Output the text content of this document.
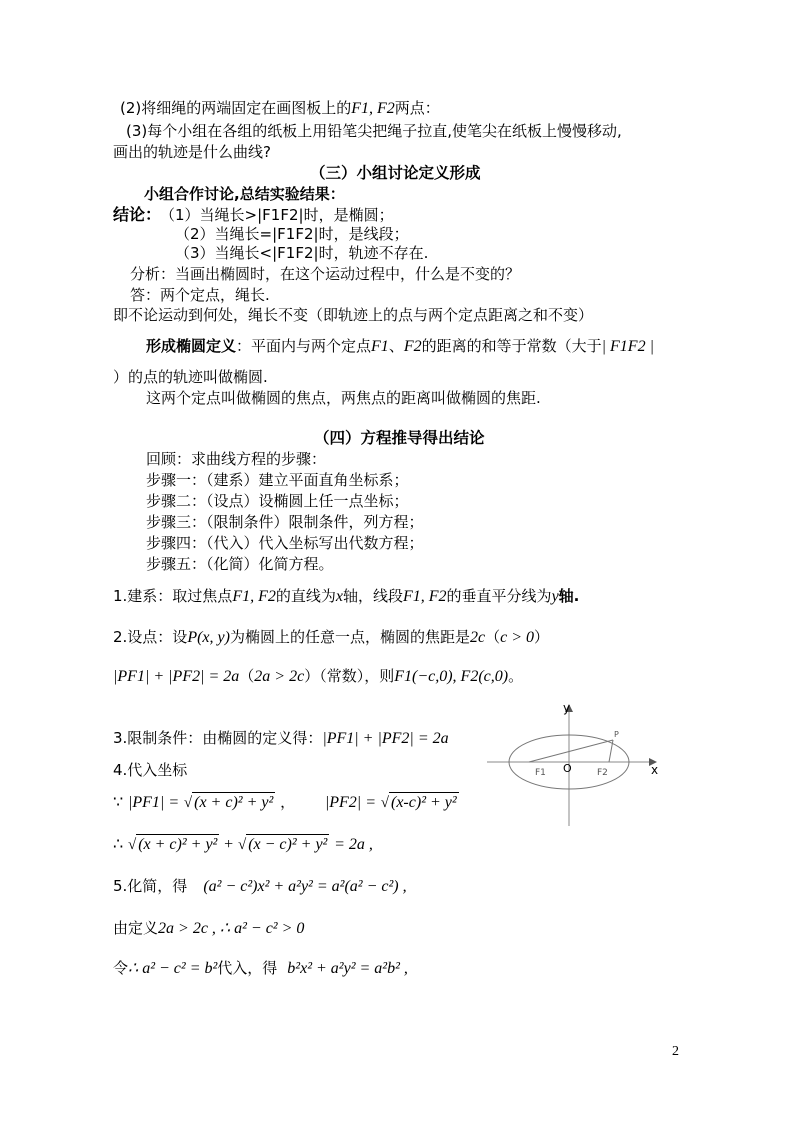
(2)将细绳的两端固定在画图板上的F1, F2两点：
(3)每个小组在各组的纸板上用铅笔尖把绳子拉直,使笔尖在纸板上慢慢移动,
画出的轨迹是什么曲线?
（三）小组讨论定义形成
小组合作讨论,总结实验结果：
结论：
（1）当绳长>|F1F2|时，是椭圆；
（2）当绳长=|F1F2|时，是线段；
（3）当绳长<|F1F2|时，轨迹不存在.
分析：当画出椭圆时，在这个运动过程中，什么是不变的？
答：两个定点，绳长.
即不论运动到何处，绳长不变（即轨迹上的点与两个定点距离之和不变）
形成椭圆定义：平面内与两个定点F1、F2的距离的和等于常数（大于| F1F2 |
）的点的轨迹叫做椭圆.
这两个定点叫做椭圆的焦点，两焦点的距离叫做椭圆的焦距.
（四）方程推导得出结论
回顾：求曲线方程的步骤：
步骤一：（建系）建立平面直角坐标系；
步骤二：（设点）设椭圆上任一点坐标；
步骤三：（限制条件）限制条件，列方程；
步骤四：（代入）代入坐标写出代数方程；
步骤五：（化简）化简方程。
1.建系：取过焦点F1, F2的直线为x轴，线段F1, F2的垂直平分线为y轴.
2.设点：设P(x, y)为椭圆上的任意一点，椭圆的焦距是2c（c > 0）
|PF1| + |PF2| = 2a（2a > 2c）（常数），则F1(−c,0), F2(c,0)。
3.限制条件：由椭圆的定义得：|PF1| + |PF2| = 2a
4.代入坐标
∵ |PF1| = √ (x + c)² + y² ， |PF2| = √ (x-c)² + y²
∴ √ (x + c)² + y² + √ (x − c)² + y² = 2a ,
5.化简，得 (a² − c²)x² + a²y² = a²(a² − c²) ,
由定义2a > 2c , ∴ a² − c² > 0
令∴ a² − c² = b²代入，得 b²x² + a²y² = a²b² ,
y
x
O
F1	F2
P
2
